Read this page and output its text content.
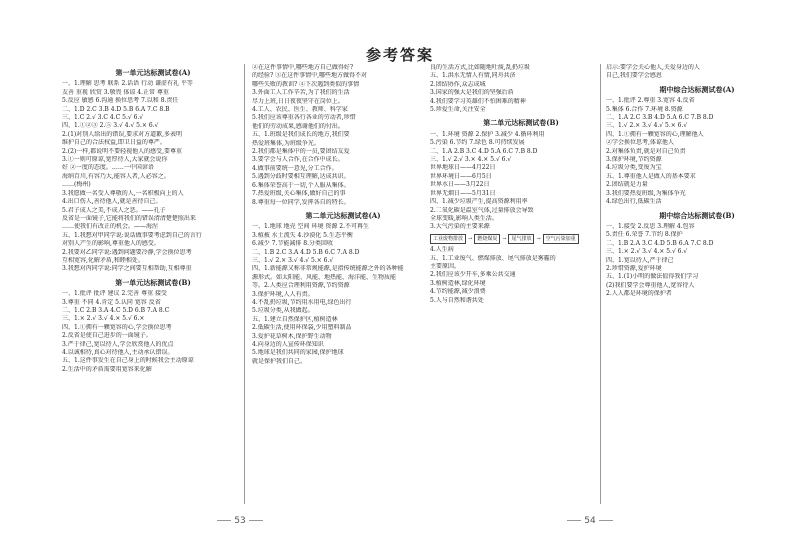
参考答案
第一单元达标测试卷(A)
一、1.理解 思考 联系 2.话语 行动 谦虚有礼 平等
友善 重视 欣赏 3.敬畏 体谅 4.正常 尊重
5.反应 敏感 6.沟通 换位思考 7.以和 8.责任
二、1.D 2.C 3.B 4.D 5.B 6.A 7.C 8.B
三、1.C 2.√ 3.C 4.C 5.√ 6.√
四、1.①②③ 2.⑤ 3.√ 4.√ 5.× 6.√
2.(1)对别人给出的错误,要求对方道歉,多表明
维护自己的合法权益,即卫日益的尊严。
2.(2)一样,都说明不要轻视他人的感受,要尊重
3.①一则可原谅,宽厚待人,大家就会说你
好 ②一度的态度。……一中国谚语
海纳百川,有容乃大,能容人者,人必容之。
……(梅州)
3.我愿做一名受人尊敬的人,一名积极向上的人
4.出口伤人,善待他人,就是善待自己。
5.君子成人之美,不成人之恶。——孔子
反省是一面镜子,它能将我们的错误清清楚楚照出来
……使我们有改正的机会。——海涅
五、1.我想对甲同学说:说话做事要考虑到自己的言行
对别人产生的影响,尊重他人的感受。
2.我要对乙同学说:遇到问题要冷静,学会换位思考
互相宽容,化解矛盾,和睦相处。
3.我想对丙同学说:同学之间要互相帮助,互相尊重
第一单元达标测试卷(B)
一、1.批评 批评 建议 2.完善 尊重 接受
3.尊重 不同 4.肯定 5.认同 宽容 反省
二、1.C 2.B 3.A 4.C 5.D 6.B 7.A 8.C
三、1.× 2.√ 3.√ 4.× 5.√ 6.×
四、1.①拥有一颗宽容的心,学会换位思考
2.反省是使自己进步的一面镜子。
3.严于律己,宽以待人,学会欣赏他人的优点
4.以诚相待,真心对待他人,主动承认错误。
五、1.这件事发生在自己身上的时候我会主动原谅
2.生活中的矛盾需要用宽容来化解
②在这件事情中,哪些地方自己做得好?
的经验? ③在这件事情中,哪些地方做得不对
哪些失败的教训? ④下次遇到类似的事情
3.外面工人工作辛苦,为了我们的生活
尽力上班,日日夜夜坚守在岗位上。
4.工人、农民、医生、教师、科学家
5.我们应该尊重各行各业的劳动者,珍惜
他们的劳动成果,感谢他们的付出。
五、1.班级是我们成长的地方,我们要
热爱班集体,为班级争光。
2.我们都是集体中的一员,要团结友爱
3.要学会与人合作,在合作中成长。
4.做事前要统一意见,分工合作。
5.遇到分歧时要相互理解,达成共识。
6.集体荣誉高于一切,个人服从集体。
7.热爱班级,关心集体,做好自己的事
8.尊重每一位同学,发挥各自的特长。
第二单元达标测试卷(A)
一、1.地球 地壳 空间 环境 资源 2.不可再生
3.植被 水土流失 4.沙漠化 5.生态平衡
6.减少 7.节能减排 8.分类回收
二、1.B 2.C 3.A 4.D 5.B 6.C 7.A 8.D
三、1.√ 2.× 3.√ 4.√ 5.× 6.√
四、1.新能源又称非常规能源,是指传统能源之外的各种能
源形式。如太阳能、风能、地热能、海洋能、生物质能
等。2.人类应合理利用资源,节约资源
3.保护环境,人人有责。
4.不乱扔垃圾,节约用水用电,绿色出行
5.垃圾分类,从我做起。
五、1.建立自然保护区,植树造林
2.低碳生活,使用环保袋,少用塑料制品
3.爱护花草树木,保护野生动物
4.向身边的人宣传环保知识
5.地球是我们共同的家园,保护地球
就是保护我们自己。
良的生活方式,比如随地吐痰,乱扔垃圾
五、1.洪水无情人有情,同舟共济
2.团结协作,众志成城
3.国家的强大是我们的坚强后盾
4.我们要学习英雄们不怕困难的精神
5.珍爱生命,关注安全
第二单元达标测试卷(B)
一、1.环境 资源 2.保护 3.减少 4.循环利用
5.污染 6.节约 7.绿色 8.可持续发展
二、1.A 2.B 3.C 4.D 5.A 6.C 7.B 8.D
三、1.√ 2.√ 3.× 4.× 5.√ 6.√
世界地球日——4月22日
世界环境日——6月5日
世界水日——3月22日
世界无烟日——5月31日
四、1.减少垃圾产生,提高资源利用率
2.二氧化碳是温室气体,过量排放会导致
全球变暖,影响人类生活。
3.大气污染的主要来源
工业废物排放 → 燃烧煤炭 → 尾气排放 → 空气污染加重
4.人生病
五、1.工业废气、燃煤排放、尾气排放是雾霾的
主要原因。
2.我们应该少开车,多乘公共交通
3.植树造林,绿化环境
4.节约能源,减少浪费
5.人与自然和谐共处
启示:要学会关心他人,关爱身边的人
自己,我们要学会感恩
期中综合达标测试卷(A)
一、1.批评 2.尊重 3.宽容 4.反省
5.集体 6.合作 7.环境 8.资源
二、1.A 2.C 3.B 4.D 5.A 6.C 7.B 8.D
三、1.√ 2.× 3.√ 4.√ 5.× 6.√
四、1.①拥有一颗宽容的心,理解他人
②学会换位思考,体谅他人
2.对集体负责,就是对自己负责
3.保护环境,节约资源
4.垃圾分类,变废为宝
五、1.尊重他人是做人的基本要求
2.团结就是力量
3.我们要热爱班级,为集体争光
4.绿色出行,低碳生活
期中综合达标测试卷(B)
一、1.接受 2.反思 3.理解 4.包容
5.责任 6.荣誉 7.节约 8.保护
二、1.B 2.A 3.C 4.D 5.B 6.A 7.C 8.D
三、1.× 2.√ 3.√ 4.× 5.√ 6.√
四、1.宽以待人,严于律己
2.珍惜资源,爱护环境
五、1.(1)小明的做法值得我们学习
(2)我们要学会尊重他人,宽容待人
2.人人都是环境的保护者
53	54
